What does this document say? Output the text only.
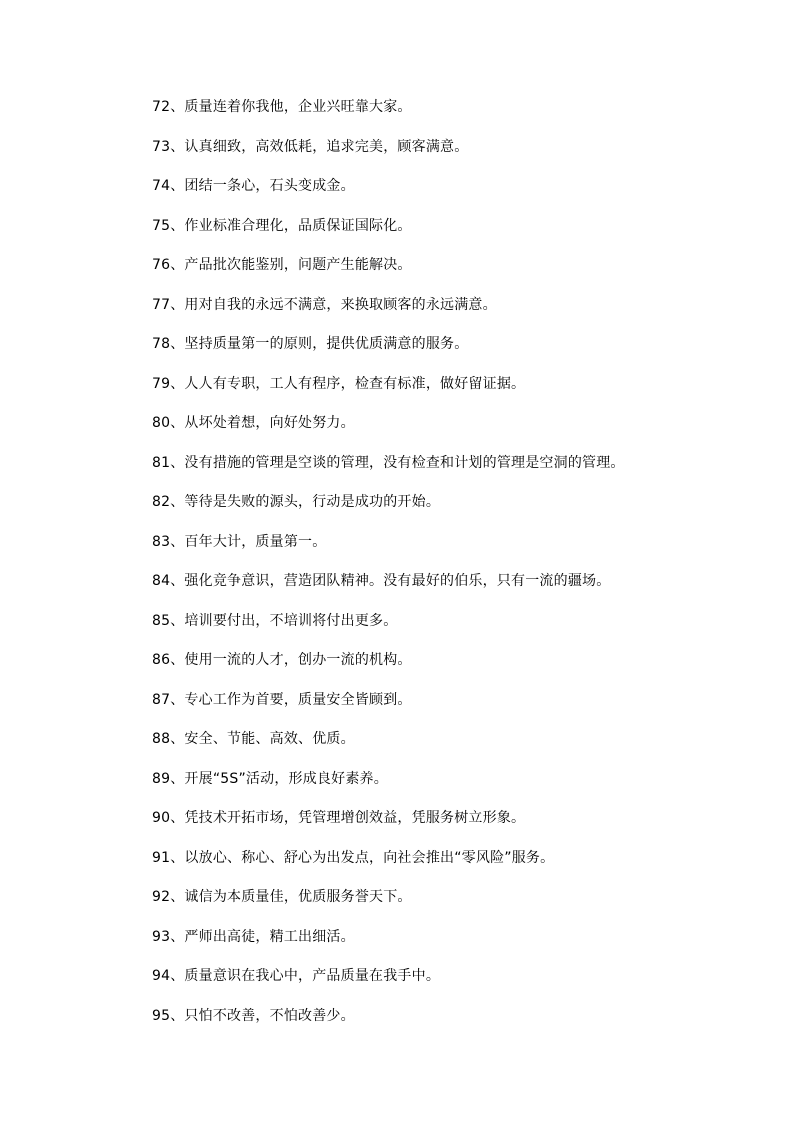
72、质量连着你我他，企业兴旺靠大家。
73、认真细致，高效低耗，追求完美，顾客满意。
74、团结一条心，石头变成金。
75、作业标准合理化，品质保证国际化。
76、产品批次能鉴别，问题产生能解决。
77、用对自我的永远不满意，来换取顾客的永远满意。
78、坚持质量第一的原则，提供优质满意的服务。
79、人人有专职，工人有程序，检查有标准，做好留证据。
80、从坏处着想，向好处努力。
81、没有措施的管理是空谈的管理，没有检查和计划的管理是空洞的管理。
82、等待是失败的源头，行动是成功的开始。
83、百年大计，质量第一。
84、强化竞争意识，营造团队精神。没有最好的伯乐，只有一流的疆场。
85、培训要付出，不培训将付出更多。
86、使用一流的人才，创办一流的机构。
87、专心工作为首要，质量安全皆顾到。
88、安全、节能、高效、优质。
89、开展“5S”活动，形成良好素养。
90、凭技术开拓市场，凭管理增创效益，凭服务树立形象。
91、以放心、称心、舒心为出发点，向社会推出“零风险”服务。
92、诚信为本质量佳，优质服务誉天下。
93、严师出高徒，精工出细活。
94、质量意识在我心中，产品质量在我手中。
95、只怕不改善，不怕改善少。
